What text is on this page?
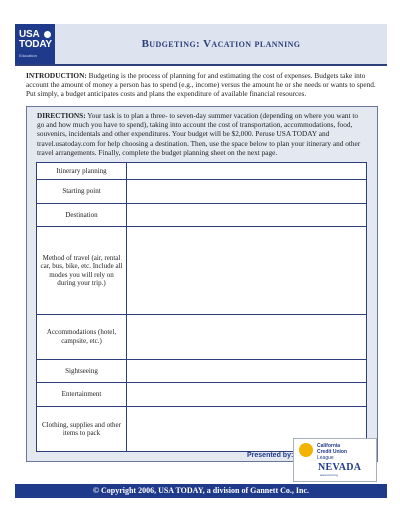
USA
TODAY
Education
Budgeting: Vacation planning
INTRODUCTION: Budgeting is the process of planning for and estimating the cost of expenses. Budgets take into account the amount of money a person has to spend (e.g., income) versus the amount he or she needs or wants to spend. Put simply, a budget anticipates costs and plans the expenditure of available financial resources.
DIRECTIONS: Your task is to plan a three- to seven-day summer vacation (depending on where you want to go and how much you have to spend), taking into account the cost of transportation, accommodations, food, souvenirs, incidentals and other expenditures. Your budget will be $2,000. Peruse USA TODAY and travel.usatoday.com for help choosing a destination. Then, use the space below to plan your itinerary and other travel arrangements. Finally, complete the budget planning sheet on the next page.
Itinerary planning	
Starting point	
Destination	
Method of travel (air, rental car, bus, bike, etc. Include all modes you will rely on during your trip.)	
Accommodations (hotel, campsite, etc.)	
Sightseeing	
Entertainment	
Clothing, supplies and other items to pack	
Presented by:
California
Credit Union
League
NEVADA
www.ccul.org
© Copyright 2006, USA TODAY, a division of Gannett Co., Inc.
